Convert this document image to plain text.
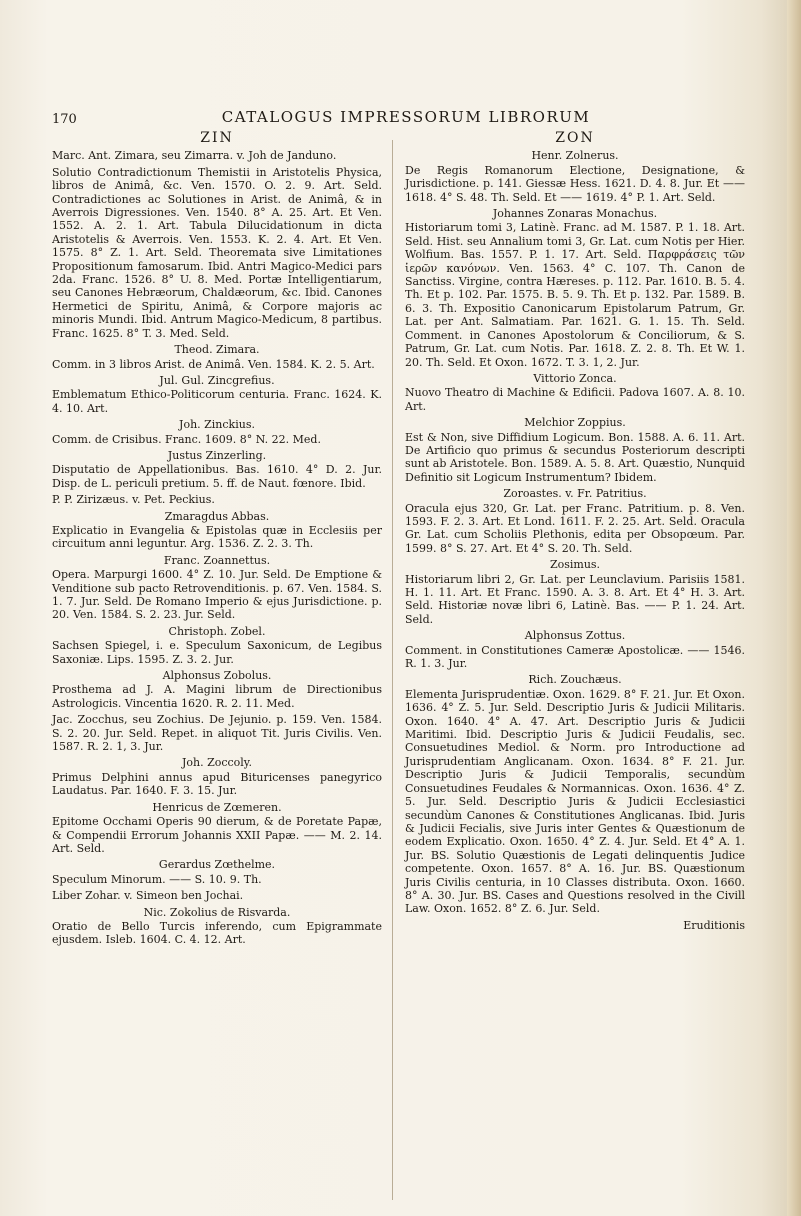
170	CATALOGUS IMPRESSORUM LIBRORUM
ZIN

Marc. Ant. Zimara, seu Zimarra. v. Joh de Janduno.

Solutio Contradictionum Themistii in Aristotelis Physica, libros de Animâ, &c. Ven. 1570. O. 2. 9. Art. Seld. Contradictiones ac Solutiones in Arist. de Animâ, & in Averrois Digressiones. Ven. 1540. 8° A. 25. Art. Et Ven. 1552. A. 2. 1. Art. Tabula Dilucidationum in dicta Aristotelis & Averrois. Ven. 1553. K. 2. 4. Art. Et Ven. 1575. 8° Z. 1. Art. Seld. Theoremata sive Limitationes Propositionum famosarum. Ibid. Antri Magico-Medici pars 2da. Franc. 1526. 8° U. 8. Med. Portæ Intelligentiarum, seu Canones Hebræorum, Chaldæorum, &c. Ibid. Canones Hermetici de Spiritu, Animâ, & Corpore majoris ac minoris Mundi. Ibid. Antrum Magico-Medicum, 8 partibus. Franc. 1625. 8° T. 3. Med. Seld.

Theod. Zimara.

Comm. in 3 libros Arist. de Animâ. Ven. 1584. K. 2. 5. Art.

Jul. Gul. Zincgrefius.

Emblematum Ethico-Politicorum centuria. Franc. 1624. K. 4. 10. Art.

Joh. Zinckius.

Comm. de Crisibus. Franc. 1609. 8° N. 22. Med.

Justus Zinzerling.

Disputatio de Appellationibus. Bas. 1610. 4° D. 2. Jur. Disp. de L. periculi pretium. 5. ff. de Naut. fœnore. Ibid.

P. P. Zirizæus. v. Pet. Peckius.

Zmaragdus Abbas.

Explicatio in Evangelia & Epistolas quæ in Ecclesiis per circuitum anni leguntur. Arg. 1536. Z. 2. 3. Th.

Franc. Zoannettus.

Opera. Marpurgi 1600. 4° Z. 10. Jur. Seld. De Emptione & Venditione sub pacto Retrovenditionis. p. 67. Ven. 1584. S. 1. 7. Jur. Seld. De Romano Imperio & ejus Jurisdictione. p. 20. Ven. 1584. S. 2. 23. Jur. Seld.

Christoph. Zobel.

Sachsen Spiegel, i. e. Speculum Saxonicum, de Legibus Saxoniæ. Lips. 1595. Z. 3. 2. Jur.

Alphonsus Zobolus.

Prosthema ad J. A. Magini librum de Directionibus Astrologicis. Vincentia 1620. R. 2. 11. Med.

Jac. Zocchus, seu Zochius. De Jejunio. p. 159. Ven. 1584. S. 2. 20. Jur. Seld. Repet. in aliquot Tit. Juris Civilis. Ven. 1587. R. 2. 1, 3. Jur.

Joh. Zoccoly.

Primus Delphini annus apud Bituricenses panegyrico Laudatus. Par. 1640. F. 3. 15. Jur.

Henricus de Zœmeren.

Epitome Occhami Operis 90 dierum, & de Poretate Papæ, & Compendii Errorum Johannis XXII Papæ. —— M. 2. 14. Art. Seld.

Gerardus Zœthelme.

Speculum Minorum. —— S. 10. 9. Th.

Liber Zohar. v. Simeon ben Jochai.

Nic. Zokolius de Risvarda.

Oratio de Bello Turcis inferendo, cum Epigrammate ejusdem. Isleb. 1604. C. 4. 12. Art.

ZON

Henr. Zolnerus.

De Regis Romanorum Electione, Designatione, & Jurisdictione. p. 141. Giessæ Hess. 1621. D. 4. 8. Jur. Et —— 1618. 4° S. 48. Th. Seld. Et —— 1619. 4° P. 1. Art. Seld.

Johannes Zonaras Monachus.

Historiarum tomi 3, Latinè. Franc. ad M. 1587. P. 1. 18. Art. Seld. Hist. seu Annalium tomi 3, Gr. Lat. cum Notis per Hier. Wolfium. Bas. 1557. P. 1. 17. Art. Seld. Παρφράσεις τῶν ἱερῶν κανόνων. Ven. 1563. 4° C. 107. Th. Canon de Sanctiss. Virgine, contra Hæreses. p. 112. Par. 1610. B. 5. 4. Th. Et p. 102. Par. 1575. B. 5. 9. Th. Et p. 132. Par. 1589. B. 6. 3. Th. Expositio Canonicarum Epistolarum Patrum, Gr. Lat. per Ant. Salmatiam. Par. 1621. G. 1. 15. Th. Seld. Comment. in Canones Apostolorum & Conciliorum, & S. Patrum, Gr. Lat. cum Notis. Par. 1618. Z. 2. 8. Th. Et W. 1. 20. Th. Seld. Et Oxon. 1672. T. 3. 1, 2. Jur.

Vittorio Zonca.

Nuovo Theatro di Machine & Edificii. Padova 1607. A. 8. 10. Art.

Melchior Zoppius.

Est & Non, sive Diffidium Logicum. Bon. 1588. A. 6. 11. Art. De Artificio quo primus & secundus Posteriorum descripti sunt ab Aristotele. Bon. 1589. A. 5. 8. Art. Quæstio, Nunquid Definitio sit Logicum Instrumentum? Ibidem.

Zoroastes. v. Fr. Patritius.

Oracula ejus 320, Gr. Lat. per Franc. Patritium. p. 8. Ven. 1593. F. 2. 3. Art. Et Lond. 1611. F. 2. 25. Art. Seld. Oracula Gr. Lat. cum Scholiis Plethonis, edita per Obsopœum. Par. 1599. 8° S. 27. Art. Et 4° S. 20. Th. Seld.

Zosimus.

Historiarum libri 2, Gr. Lat. per Leunclavium. Parisiis 1581. H. 1. 11. Art. Et Franc. 1590. A. 3. 8. Art. Et 4° H. 3. Art. Seld. Historiæ novæ libri 6, Latinè. Bas. —— P. 1. 24. Art. Seld.

Alphonsus Zottus.

Comment. in Constitutiones Cameræ Apostolicæ. —— 1546. R. 1. 3. Jur.

Rich. Zouchæus.

Elementa Jurisprudentiæ. Oxon. 1629. 8° F. 21. Jur. Et Oxon. 1636. 4° Z. 5. Jur. Seld. Descriptio Juris & Judicii Militaris. Oxon. 1640. 4° A. 47. Art. Descriptio Juris & Judicii Maritimi. Ibid. Descriptio Juris & Judicii Feudalis, sec. Consuetudines Mediol. & Norm. pro Introductione ad Jurisprudentiam Anglicanam. Oxon. 1634. 8° F. 21. Jur. Descriptio Juris & Judicii Temporalis, secundùm Consuetudines Feudales & Normannicas. Oxon. 1636. 4° Z. 5. Jur. Seld. Descriptio Juris & Judicii Ecclesiastici secundùm Canones & Constitutiones Anglicanas. Ibid. Juris & Judicii Fecialis, sive Juris inter Gentes & Quæstionum de eodem Explicatio. Oxon. 1650. 4° Z. 4. Jur. Seld. Et 4° A. 1. Jur. BS. Solutio Quæstionis de Legati delinquentis Judice competente. Oxon. 1657. 8° A. 16. Jur. BS. Quæstionum Juris Civilis centuria, in 10 Classes distributa. Oxon. 1660. 8° A. 30. Jur. BS. Cases and Questions resolved in the Civill Law. Oxon. 1652. 8° Z. 6. Jur. Seld.

Eruditionis
